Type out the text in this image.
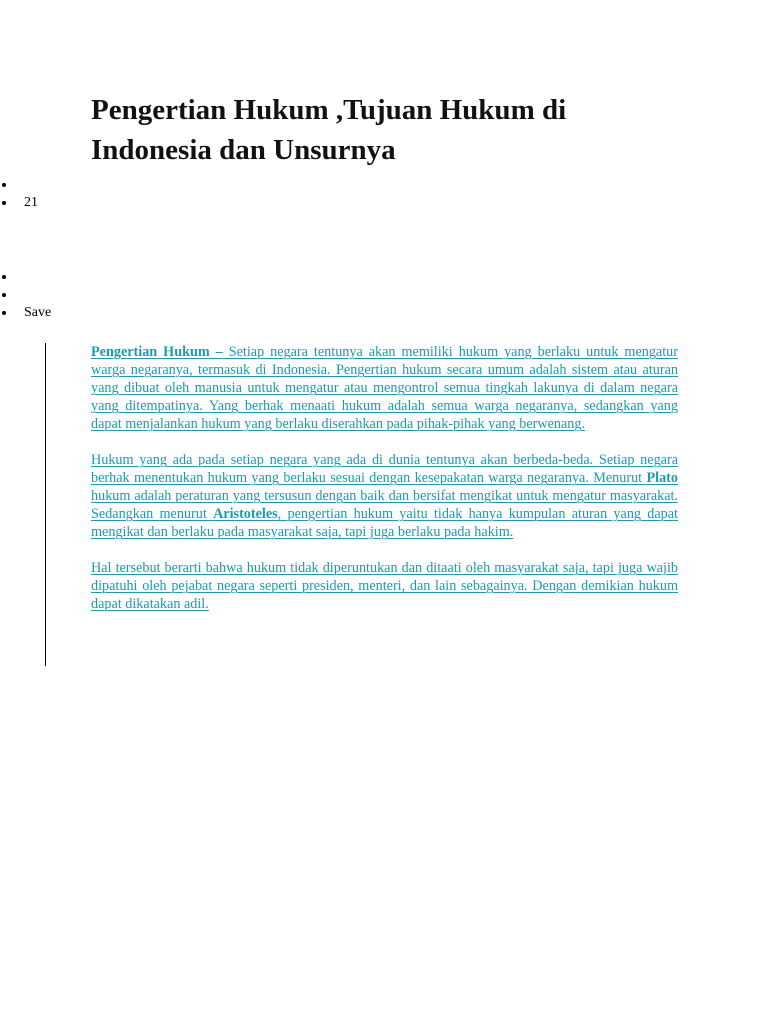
Pengertian Hukum ,Tujuan Hukum di Indonesia dan Unsurnya
21
Save

Pengertian Hukum – Setiap negara tentunya akan memiliki hukum yang berlaku untuk mengatur warga negaranya, termasuk di Indonesia. Pengertian hukum secara umum adalah sistem atau aturan yang dibuat oleh manusia untuk mengatur atau mengontrol semua tingkah lakunya di dalam negara yang ditempatinya. Yang berhak menaati hukum adalah semua warga negaranya, sedangkan yang dapat menjalankan hukum yang berlaku diserahkan pada pihak-pihak yang berwenang.

Hukum yang ada pada setiap negara yang ada di dunia tentunya akan berbeda-beda. Setiap negara berhak menentukan hukum yang berlaku sesuai dengan kesepakatan warga negaranya. Menurut Plato hukum adalah peraturan yang tersusun dengan baik dan bersifat mengikat untuk mengatur masyarakat. Sedangkan menurut Aristoteles, pengertian hukum yaitu tidak hanya kumpulan aturan yang dapat mengikat dan berlaku pada masyarakat saja, tapi juga berlaku pada hakim.

Hal tersebut berarti bahwa hukum tidak diperuntukan dan ditaati oleh masyarakat saja, tapi juga wajib dipatuhi oleh pejabat negara seperti presiden, menteri, dan lain sebagainya. Dengan demikian hukum dapat dikatakan adil.
